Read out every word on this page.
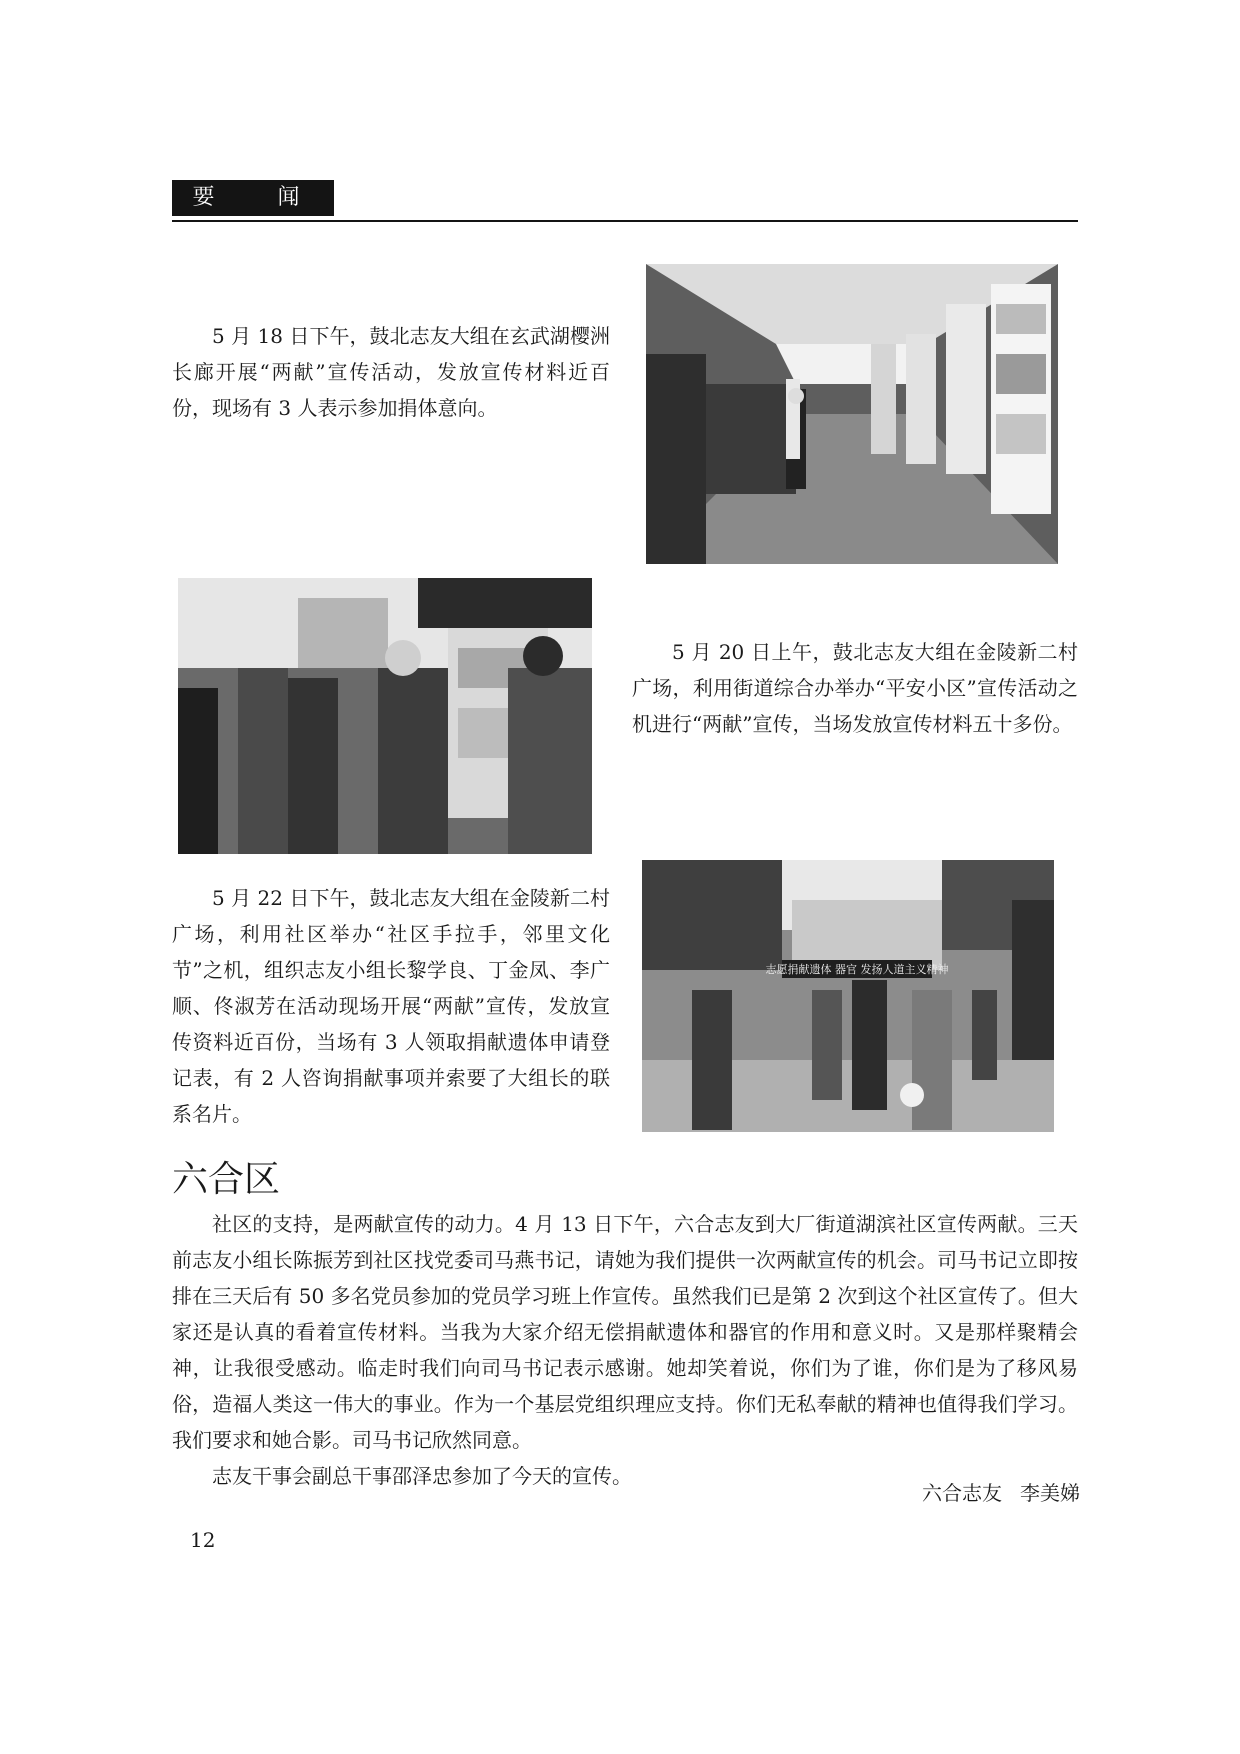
要 闻

5 月 18 日下午，鼓北志友大组在玄武湖樱洲长廊开展“两献”宣传活动，发放宣传材料近百份，现场有 3 人表示参加捐体意向。

5 月 20 日上午，鼓北志友大组在金陵新二村广场，利用街道综合办举办“平安小区”宣传活动之机进行“两献”宣传，当场发放宣传材料五十多份。

5 月 22 日下午，鼓北志友大组在金陵新二村广场，利用社区举办“社区手拉手，邻里文化节”之机，组织志友小组长黎学良、丁金凤、李广顺、佟淑芳在活动现场开展“两献”宣传，发放宣传资料近百份，当场有 3 人领取捐献遗体申请登记表，有 2 人咨询捐献事项并索要了大组长的联系名片。

志愿捐献遗体 器官 发扬人道主义精神
六合区

社区的支持，是两献宣传的动力。4 月 13 日下午，六合志友到大厂街道湖滨社区宣传两献。三天前志友小组长陈振芳到社区找党委司马燕书记，请她为我们提供一次两献宣传的机会。司马书记立即按排在三天后有 50 多名党员参加的党员学习班上作宣传。虽然我们已是第 2 次到这个社区宣传了。但大家还是认真的看着宣传材料。当我为大家介绍无偿捐献遗体和器官的作用和意义时。又是那样聚精会神，让我很受感动。临走时我们向司马书记表示感谢。她却笑着说，你们为了谁，你们是为了移风易俗，造福人类这一伟大的事业。作为一个基层党组织理应支持。你们无私奉献的精神也值得我们学习。我们要求和她合影。司马书记欣然同意。

志友干事会副总干事邵泽忠参加了今天的宣传。

六合志友 李美娣
12
